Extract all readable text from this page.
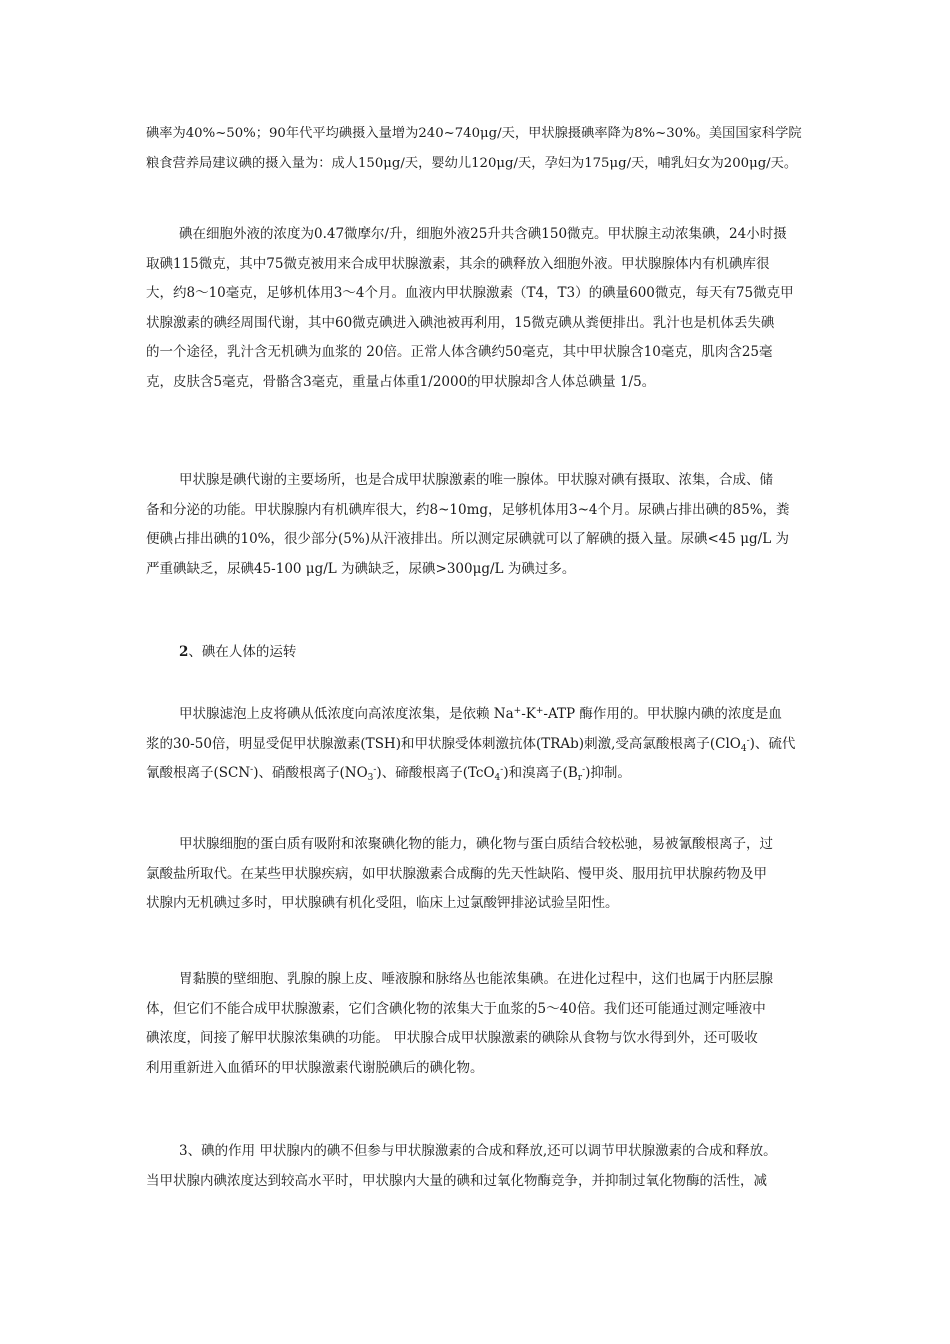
碘率为40%~50%；90年代平均碘摄入量增为240~740μg/天，甲状腺摄碘率降为8%~30%。美国国家科学院
粮食营养局建议碘的摄入量为：成人150μg/天，婴幼儿120μg/天，孕妇为175μg/天，哺乳妇女为200μg/天。

碘在细胞外液的浓度为0.47微摩尔/升，细胞外液25升共含碘150微克。甲状腺主动浓集碘，24小时摄
取碘115微克，其中75微克被用来合成甲状腺激素，其余的碘释放入细胞外液。甲状腺腺体内有机碘库很
大，约8～10毫克，足够机体用3～4个月。血液内甲状腺激素（T4，T3）的碘量600微克，每天有75微克甲
状腺激素的碘经周围代谢，其中60微克碘进入碘池被再利用，15微克碘从粪便排出。乳汁也是机体丢失碘
的一个途径，乳汁含无机碘为血浆的 20倍。正常人体含碘约50毫克，其中甲状腺含10毫克，肌肉含25毫
克，皮肤含5毫克，骨骼含3毫克，重量占体重1/2000的甲状腺却含人体总碘量 1/5。

甲状腺是碘代谢的主要场所，也是合成甲状腺激素的唯一腺体。甲状腺对碘有摄取、浓集，合成、储
备和分泌的功能。甲状腺腺内有机碘库很大，约8~10mg，足够机体用3~4个月。尿碘占排出碘的85%，粪
便碘占排出碘的10%，很少部分(5%)从汗液排出。所以测定尿碘就可以了解碘的摄入量。尿碘<45 μg/L 为
严重碘缺乏，尿碘45-100 μg/L 为碘缺乏，尿碘>300μg/L 为碘过多。

2、碘在人体的运转

甲状腺滤泡上皮将碘从低浓度向高浓度浓集，是依赖 Na+-K+-ATP 酶作用的。甲状腺内碘的浓度是血
浆的30-50倍，明显受促甲状腺激素(TSH)和甲状腺受体刺激抗体(TRAb)刺激,受高氯酸根离子(ClO$_4$-)、硫代
氰酸根离子(SCN-)、硝酸根离子$(NO_3^-)$、碲酸根离子(TcO$_4$-)和溴离子$(B_r^-)$抑制。

甲状腺细胞的蛋白质有吸附和浓聚碘化物的能力，碘化物与蛋白质结合较松驰，易被氰酸根离子，过
氯酸盐所取代。在某些甲状腺疾病，如甲状腺激素合成酶的先天性缺陷、慢甲炎、服用抗甲状腺药物及甲
状腺内无机碘过多时，甲状腺碘有机化受阻，临床上过氯酸钾排泌试验呈阳性。

胃黏膜的壁细胞、乳腺的腺上皮、唾液腺和脉络丛也能浓集碘。在进化过程中，这们也属于内胚层腺
体，但它们不能合成甲状腺激素，它们含碘化物的浓集大于血浆的5～40倍。我们还可能通过测定唾液中
碘浓度，间接了解甲状腺浓集碘的功能。 甲状腺合成甲状腺激素的碘除从食物与饮水得到外，还可吸收
利用重新进入血循环的甲状腺激素代谢脱碘后的碘化物。

3、碘的作用 甲状腺内的碘不但参与甲状腺激素的合成和释放,还可以调节甲状腺激素的合成和释放。
当甲状腺内碘浓度达到较高水平时，甲状腺内大量的碘和过氧化物酶竞争，并抑制过氧化物酶的活性，减
